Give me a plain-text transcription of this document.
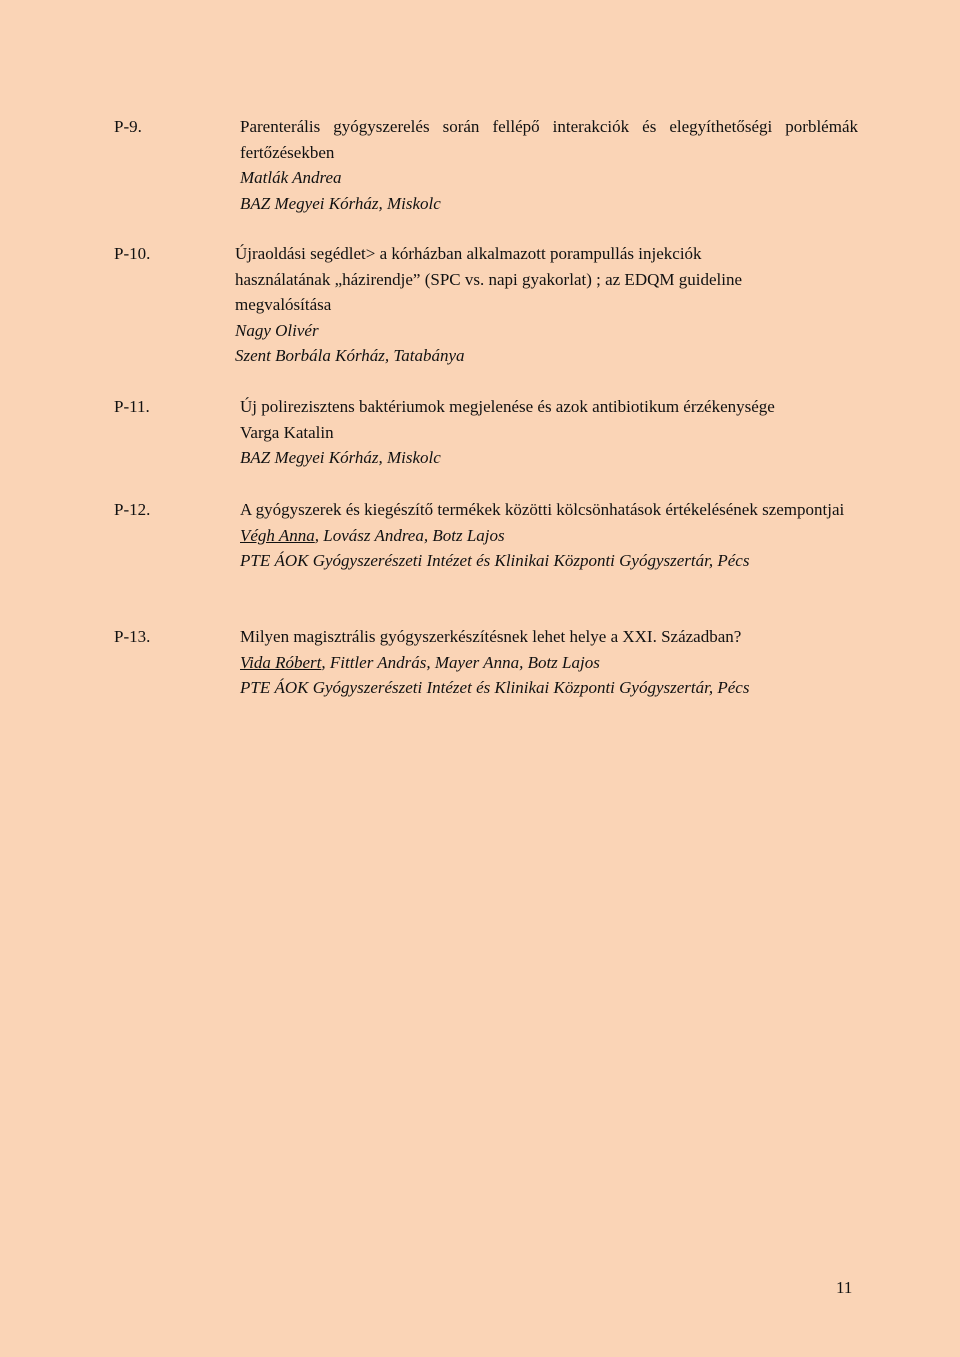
P-9.	Parenterális gyógyszerelés során fellépő interakciók és elegyíthetőségi porblémák fertőzésekben
Matlák Andrea
BAZ Megyei Kórház, Miskolc
P-10.	Újraoldási segédlet> a kórházban alkalmazott porampullás injekciók
használatának „házirendje” (SPC vs. napi gyakorlat) ; az EDQM guideline
megvalósítása
Nagy Olivér
Szent Borbála Kórház, Tatabánya
P-11.	Új polirezisztens baktériumok megjelenése és azok antibiotikum érzékenysége
Varga Katalin
BAZ Megyei Kórház, Miskolc
P-12.	A gyógyszerek és kiegészítő termékek közötti kölcsönhatások értékelésének szempontjai
Végh Anna, Lovász Andrea, Botz Lajos
PTE ÁOK Gyógyszerészeti Intézet és Klinikai Központi Gyógyszertár, Pécs
P-13.	Milyen magisztrális gyógyszerkészítésnek lehet helye a XXI. Században?
Vida Róbert, Fittler András, Mayer Anna, Botz Lajos
PTE ÁOK Gyógyszerészeti Intézet és Klinikai Központi Gyógyszertár, Pécs
11
